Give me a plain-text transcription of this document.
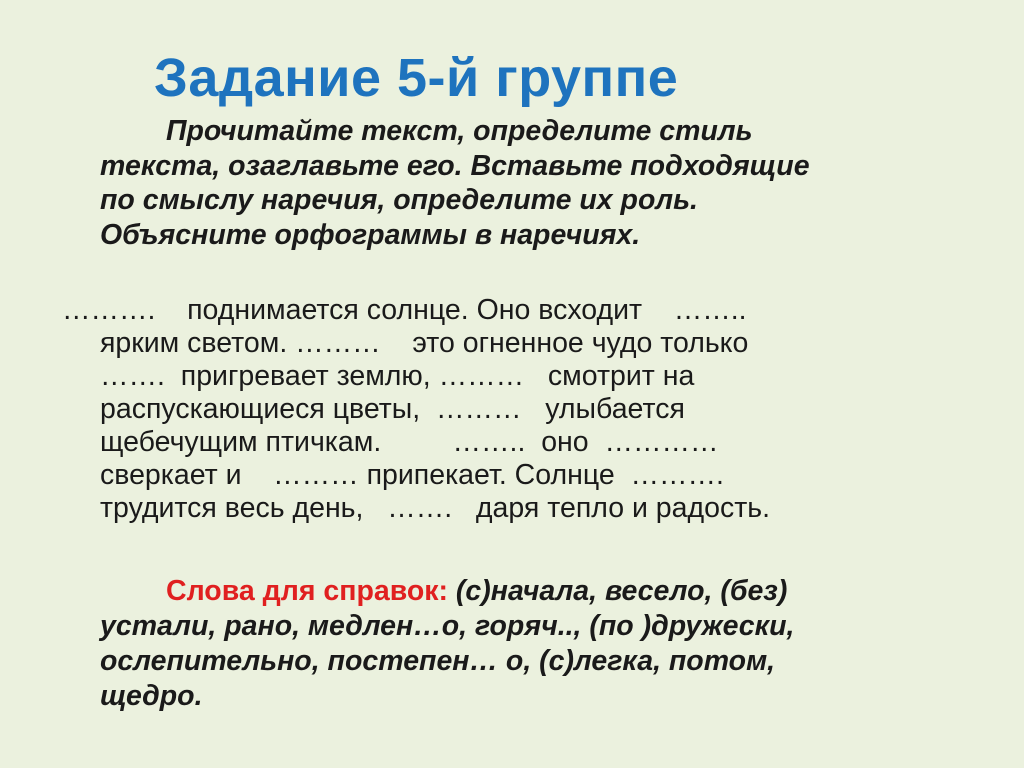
Задание 5-й группе

Прочитайте текст, определите стиль
текста, озаглавьте его. Вставьте подходящие
по смыслу наречия, определите их роль.
Объясните орфограммы в наречиях.

……….    поднимается солнце. Оно всходит    ……..
ярким светом. ………    это огненное чудо только
…….  пригревает землю, ………   смотрит на
распускающиеся цветы,  ………   улыбается
щебечущим птичкам.         ……..  оно  …………
сверкает и    ……… припекает. Солнце  ……….
трудится весь день,   …….   даря тепло и радость.

Слова для справок: (с)начала, весело, (без)
устали, рано, медлен…о, горяч.., (по )дружески,
ослепительно, постепен… о, (с)легка, потом,
щедро.
